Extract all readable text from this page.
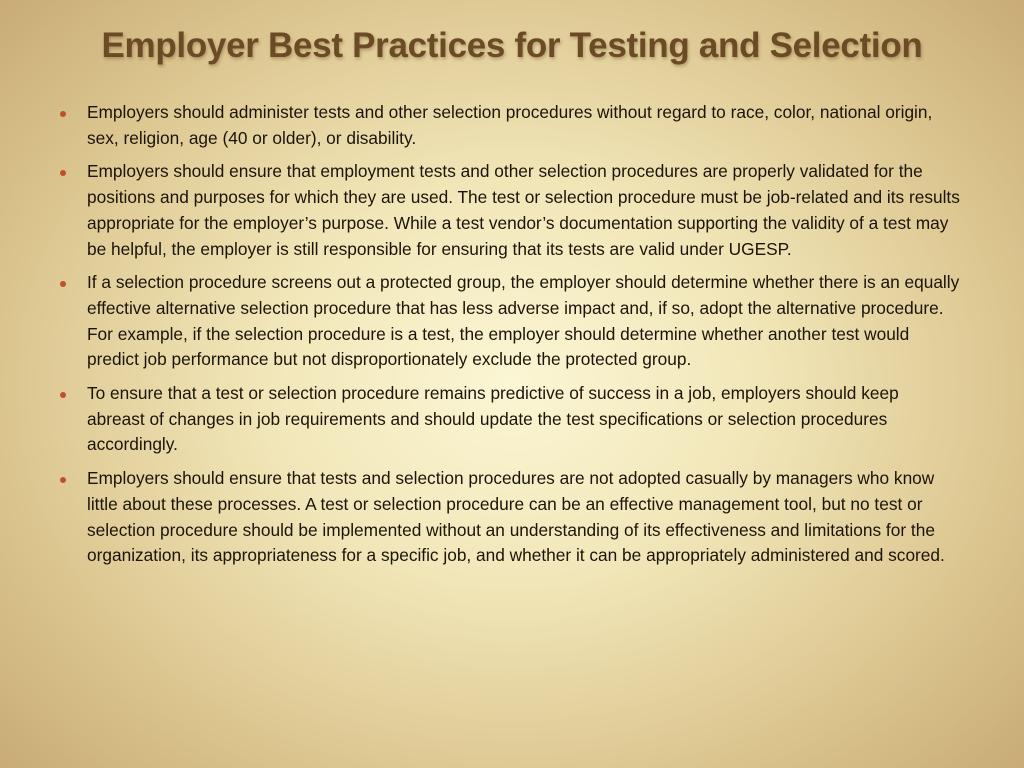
Employer Best Practices for Testing and Selection
Employers should administer tests and other selection procedures without regard to race, color, national origin, sex, religion, age (40 or older), or disability.
Employers should ensure that employment tests and other selection procedures are properly validated for the positions and purposes for which they are used. The test or selection procedure must be job-related and its results appropriate for the employer’s purpose. While a test vendor’s documentation supporting the validity of a test may be helpful, the employer is still responsible for ensuring that its tests are valid under UGESP.
If a selection procedure screens out a protected group, the employer should determine whether there is an equally effective alternative selection procedure that has less adverse impact and, if so, adopt the alternative procedure. For example, if the selection procedure is a test, the employer should determine whether another test would predict job performance but not disproportionately exclude the protected group.
To ensure that a test or selection procedure remains predictive of success in a job, employers should keep abreast of changes in job requirements and should update the test specifications or selection procedures accordingly.
Employers should ensure that tests and selection procedures are not adopted casually by managers who know little about these processes. A test or selection procedure can be an effective management tool, but no test or selection procedure should be implemented without an understanding of its effectiveness and limitations for the organization, its appropriateness for a specific job, and whether it can be appropriately administered and scored.
